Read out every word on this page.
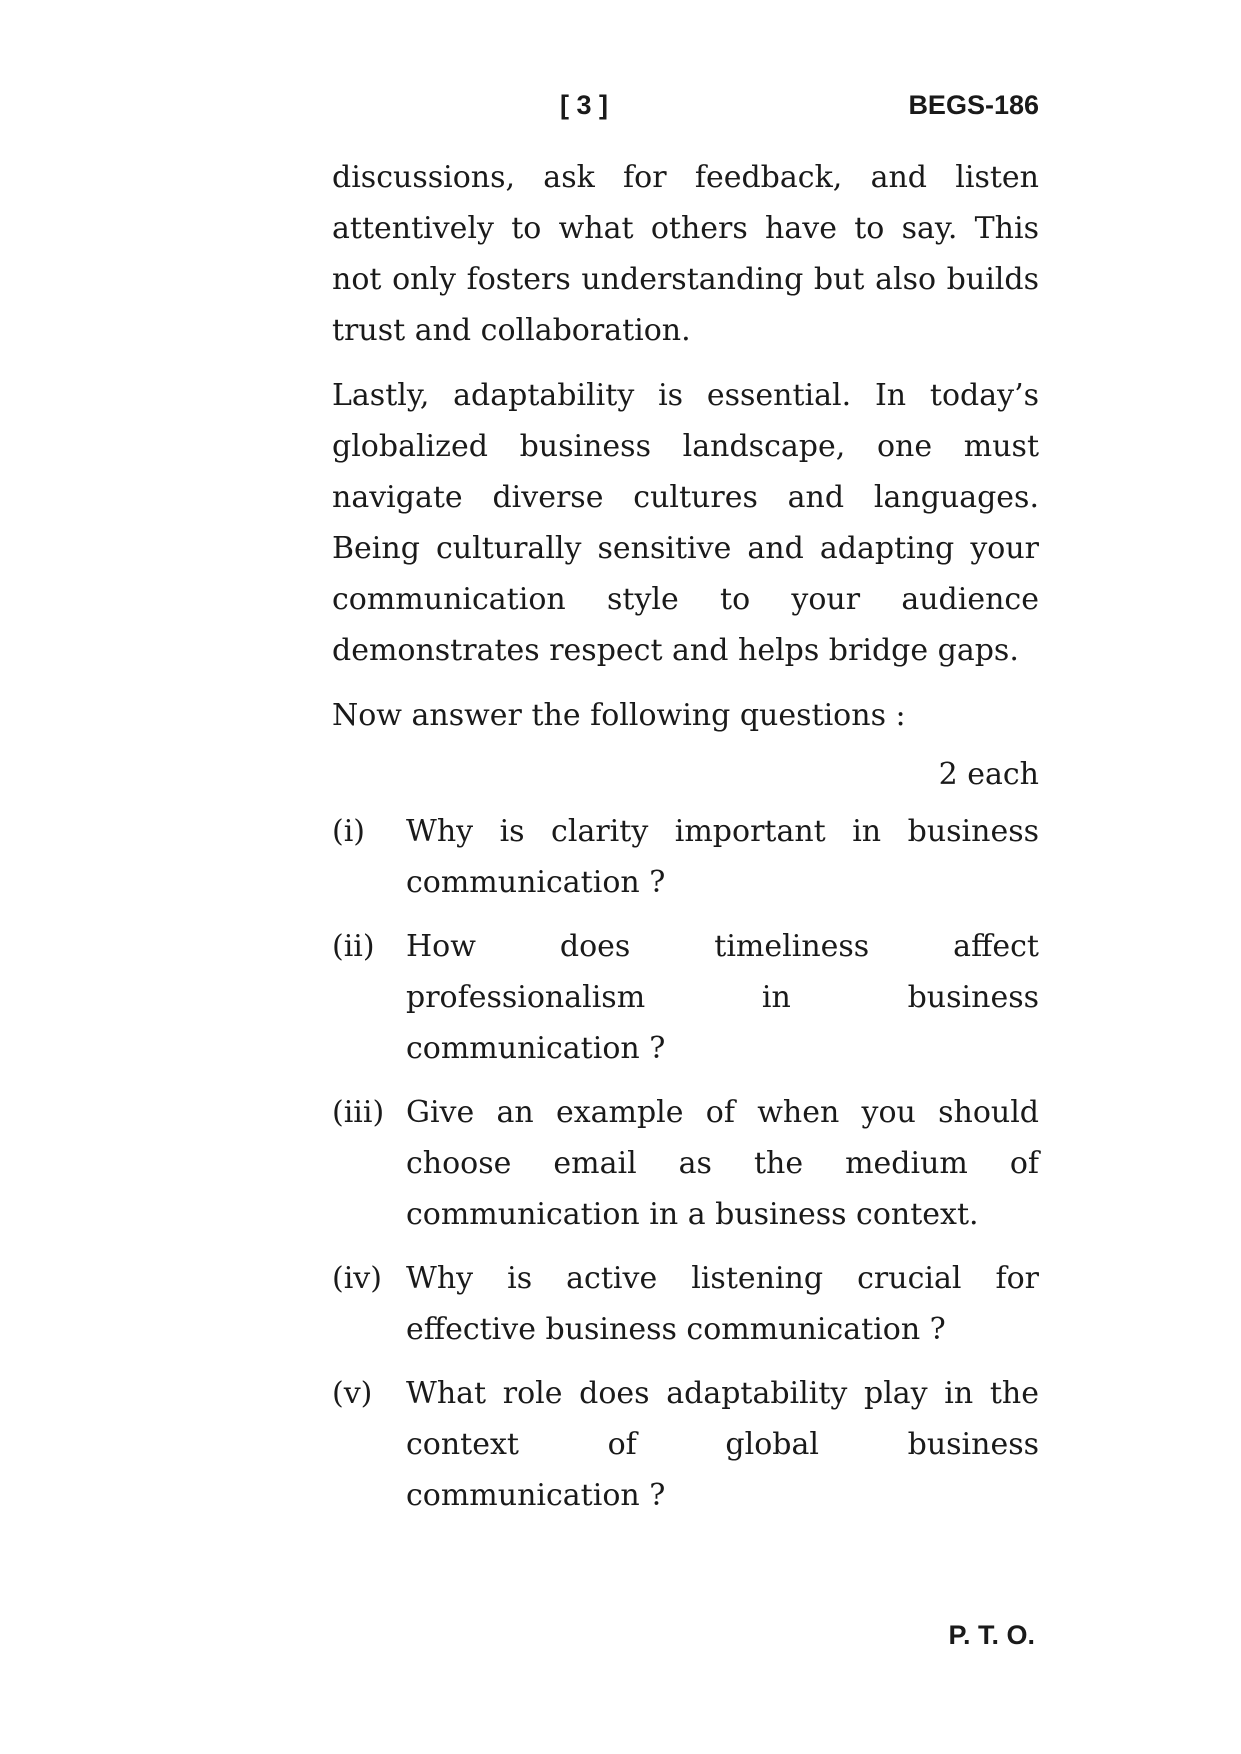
[ 3 ]	BEGS-186

discussions, ask for feedback, and listen attentively to what others have to say. This not only fosters understanding but also builds trust and collaboration.

Lastly, adaptability is essential. In today’s globalized business landscape, one must navigate diverse cultures and languages. Being culturally sensitive and adapting your communication style to your audience demonstrates respect and helps bridge gaps.

Now answer the following questions :

2 each
(i)	Why is clarity important in business communication ?
(ii)	How does timeliness affect professionalism in business communication ?
(iii) Give an example of when you should choose email as the medium of communication in a business context.
(iv) Why is active listening crucial for effective business communication ?
(v)	What role does adaptability play in the context of global business communication ?
P. T. O.
